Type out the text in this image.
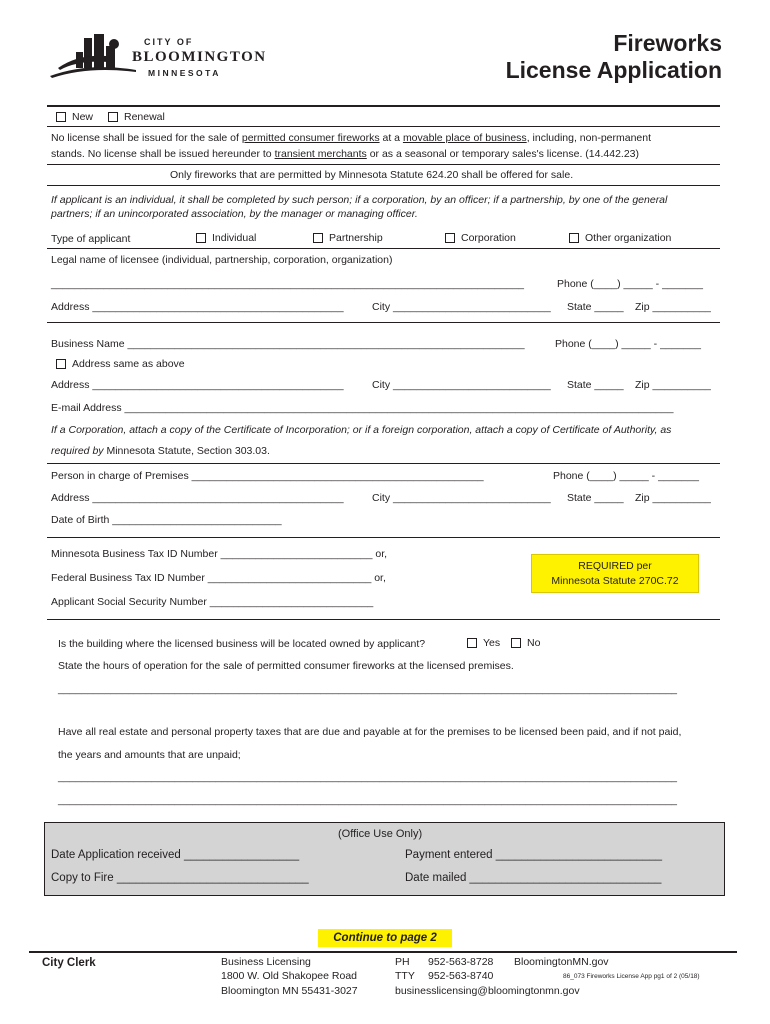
CITY OF
BLOOMINGTON
MINNESOTA
Fireworks
License Application
New	Renewal
No license shall be issued for the sale of permitted consumer fireworks at a movable place of business, including, non-permanent
stands. No license shall be issued hereunder to transient merchants or as a seasonal or temporary sales's license. (14.442.23)
Only fireworks that are permitted by Minnesota Statute 624.20 shall be offered for sale.
If applicant is an individual, it shall be completed by such person; if a corporation, by an officer; if a partnership, by one of the general
partners; if an unincorporated association, by the manager or managing officer.
Type of applicant	Individual	Partnership	Corporation	Other organization
Legal name of licensee (individual, partnership, corporation, organization)
_________________________________________________________________________________	Phone (____) _____ - _______
Address ___________________________________________	City ___________________________ State _____ Zip __________
Business Name ____________________________________________________________________	Phone (____) _____ - _______
Address same as above
Address ___________________________________________	City ___________________________ State _____ Zip __________
E-mail Address ______________________________________________________________________________________________
If a Corporation, attach a copy of the Certificate of Incorporation; or if a foreign corporation, attach a copy of Certificate of Authority, as
required by Minnesota Statute, Section 303.03.
Person in charge of Premises __________________________________________________	Phone (____) _____ - _______
Address ___________________________________________	City ___________________________ State _____ Zip __________
Date of Birth _____________________________
Minnesota Business Tax ID Number __________________________ or,
Federal Business Tax ID Number ____________________________ or,
Applicant Social Security Number ____________________________
REQUIRED per
Minnesota Statute 270C.72
Is the building where the licensed business will be located owned by applicant?	Yes	No
State the hours of operation for the sale of permitted consumer fireworks at the licensed premises.
__________________________________________________________________________________________________________
Have all real estate and personal property taxes that are due and payable at for the premises to be licensed been paid, and if not paid,
the years and amounts that are unpaid;
__________________________________________________________________________________________________________
__________________________________________________________________________________________________________
(Office Use Only)
Date Application received __________________	Payment entered __________________________
Copy to Fire ______________________________	Date mailed ______________________________
Continue to page 2
City Clerk	Business Licensing
1800 W. Old Shakopee Road
Bloomington MN 55431-3027
PH 952-563-8728
TTY 952-563-8740
BloomingtonMN.gov
86_073 Fireworks License App pg1 of 2 (05/18)
businesslicensing@bloomingtonmn.gov
